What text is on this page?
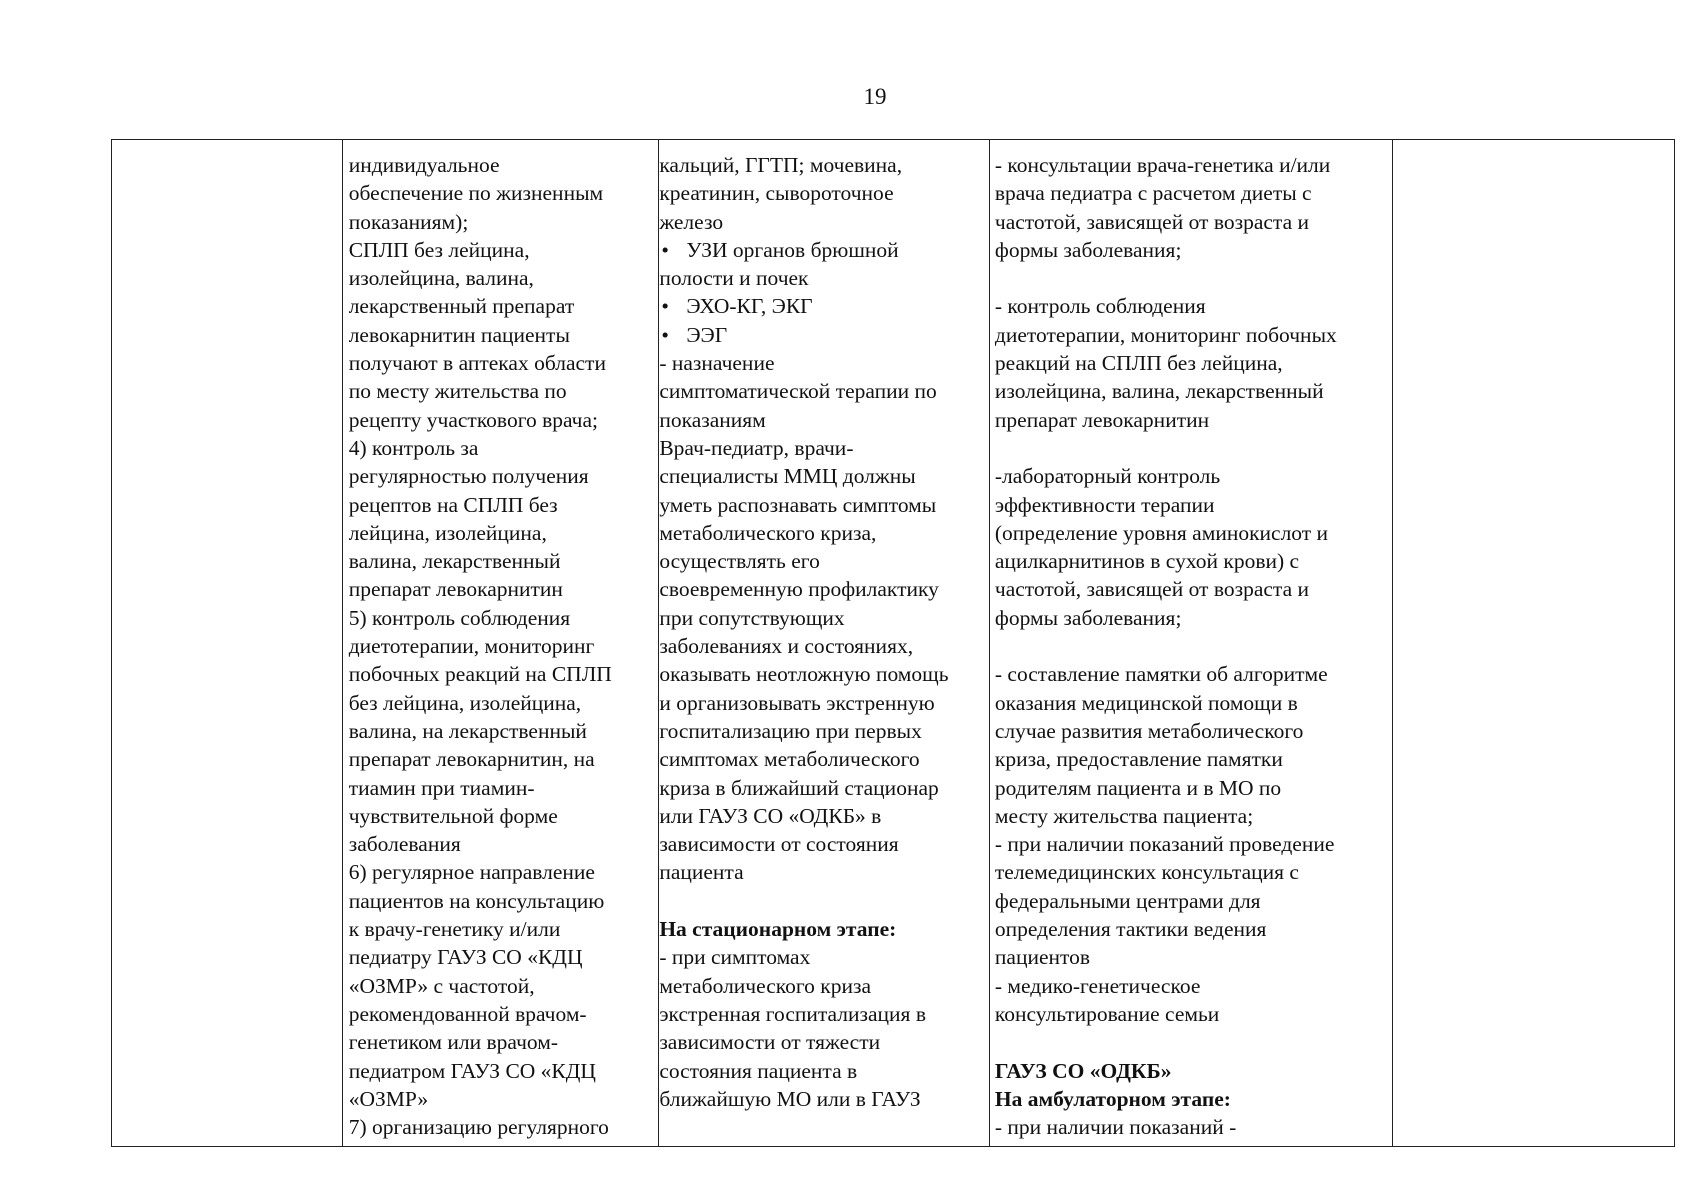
19
индивидуальное
обеспечение по жизненным
показаниям);
СПЛП без лейцина,
изолейцина, валина,
лекарственный препарат
левокарнитин пациенты
получают в аптеках области
по месту жительства по
рецепту участкового врача;
4) контроль за
регулярностью получения
рецептов на СПЛП без
лейцина, изолейцина,
валина, лекарственный
препарат левокарнитин
5) контроль соблюдения
диетотерапии, мониторинг
побочных реакций на СПЛП
без лейцина, изолейцина,
валина, на лекарственный
препарат левокарнитин, на
тиамин при тиамин-
чувствительной форме
заболевания
6) регулярное направление
пациентов на консультацию
к врачу-генетику и/или
педиатру ГАУЗ СО «КДЦ
«ОЗМР» с частотой,
рекомендованной врачом-
генетиком или врачом-
педиатром ГАУЗ СО «КДЦ
«ОЗМР»
7) организацию регулярного
кальций, ГГТП; мочевина,
креатинин, сывороточное
железо
• УЗИ органов брюшной
полости и почек
• ЭХО-КГ, ЭКГ
• ЭЭГ
- назначение
симптоматической терапии по
показаниям
Врач-педиатр, врачи-
специалисты ММЦ должны
уметь распознавать симптомы
метаболического криза,
осуществлять его
своевременную профилактику
при сопутствующих
заболеваниях и состояниях,
оказывать неотложную помощь
и организовывать экстренную
госпитализацию при первых
симптомах метаболического
криза в ближайший стационар
или ГАУЗ СО «ОДКБ» в
зависимости от состояния
пациента
На стационарном этапе:
- при симптомах
метаболического криза
экстренная госпитализация в
зависимости от тяжести
состояния пациента в
ближайшую МО или в ГАУЗ
- консультации врача-генетика и/или
врача педиатра с расчетом диеты с
частотой, зависящей от возраста и
формы заболевания;
- контроль соблюдения
диетотерапии, мониторинг побочных
реакций на СПЛП без лейцина,
изолейцина, валина, лекарственный
препарат левокарнитин
-лабораторный контроль
эффективности терапии
(определение уровня аминокислот и
ацилкарнитинов в сухой крови) с
частотой, зависящей от возраста и
формы заболевания;
- составление памятки об алгоритме
оказания медицинской помощи в
случае развития метаболического
криза, предоставление памятки
родителям пациента и в МО по
месту жительства пациента;
- при наличии показаний проведение
телемедицинских консультация с
федеральными центрами для
определения тактики ведения
пациентов
- медико-генетическое
консультирование семьи
ГАУЗ СО «ОДКБ»
На амбулаторном этапе:
- при наличии показаний -
